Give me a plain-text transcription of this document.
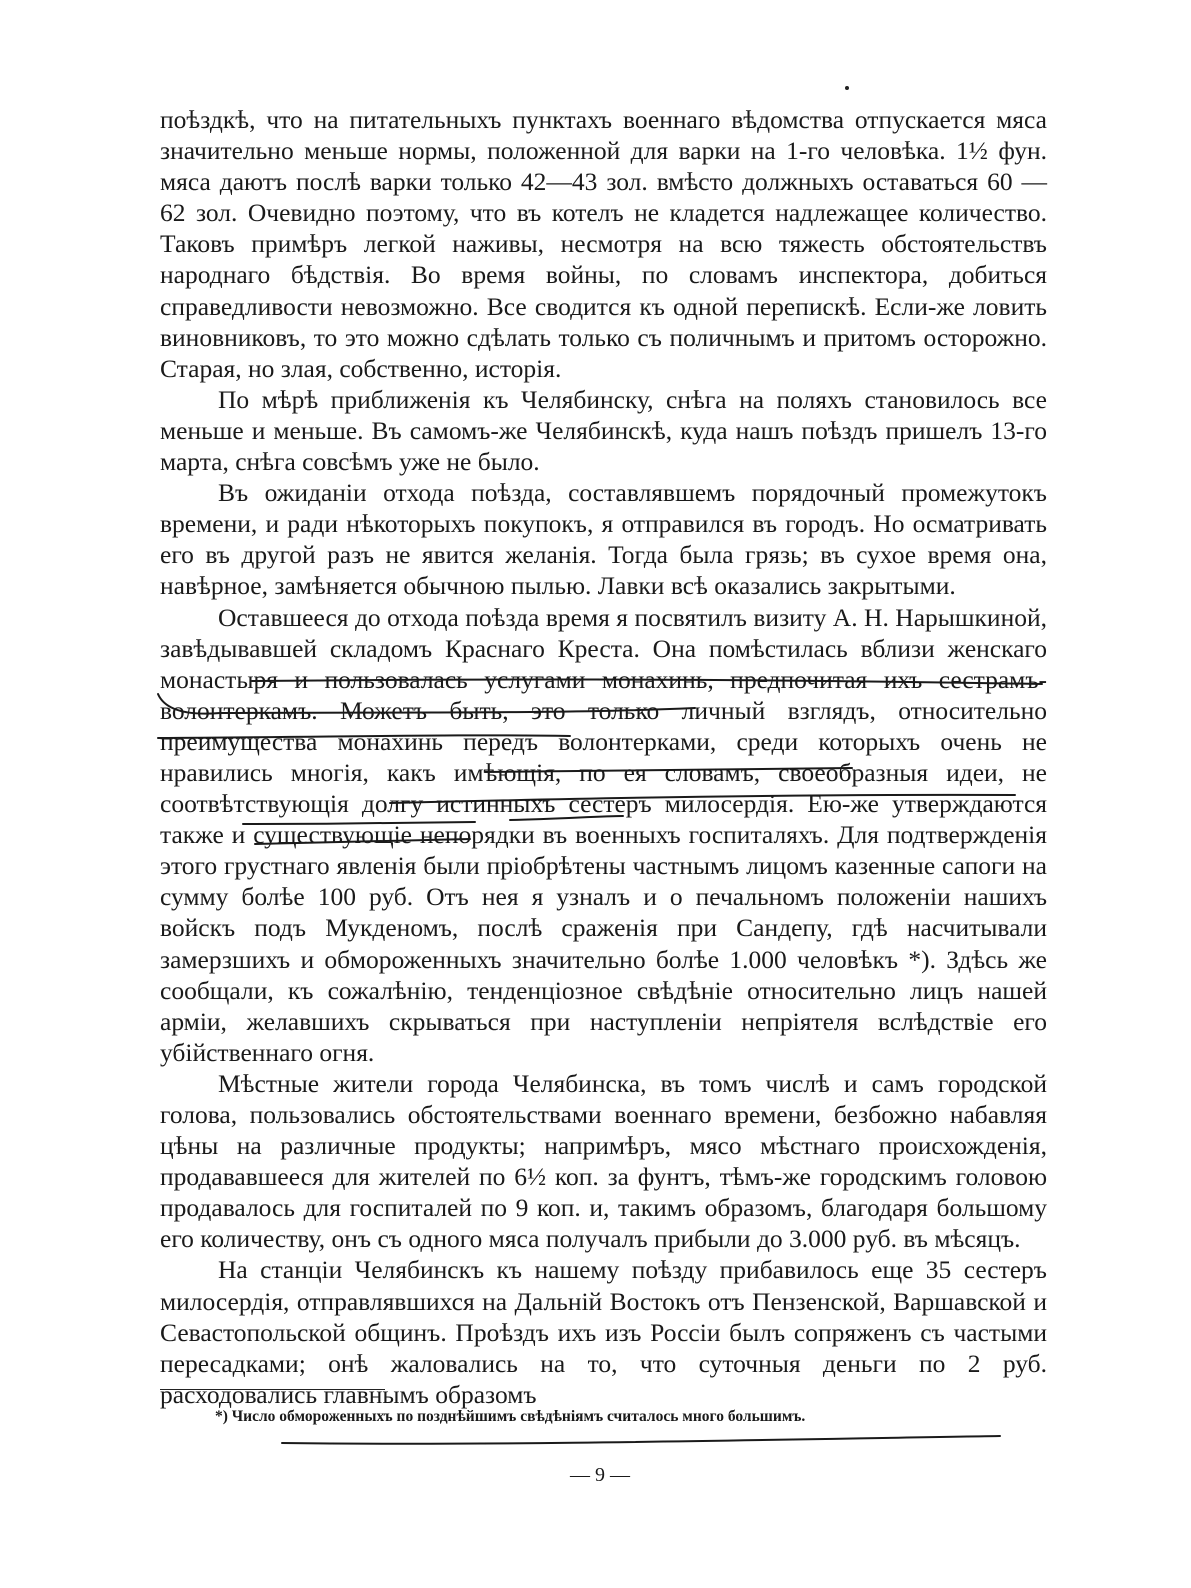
поѣздкѣ, что на питательныхъ пунктахъ военнаго вѣдомства отпускается мяса значительно меньше нормы, положенной для варки на 1-го человѣка. 1½ фун. мяса даютъ послѣ варки только 42—43 зол. вмѣсто должныхъ оставаться 60 — 62 зол. Очевидно поэтому, что въ котелъ не кладется надлежащее количество. Таковъ примѣръ легкой наживы, несмотря на всю тяжесть обстоятельствъ народнаго бѣдствія. Во время войны, по словамъ инспектора, добиться справедливости невозможно. Все сводится къ одной перепискѣ. Если-же ловить виновниковъ, то это можно сдѣлать только съ поличнымъ и притомъ осторожно. Старая, но злая, собственно, исторія.

По мѣрѣ приближенія къ Челябинску, снѣга на поляхъ становилось все меньше и меньше. Въ самомъ-же Челябинскѣ, куда нашъ поѣздъ пришелъ 13-го марта, снѣга совсѣмъ уже не было.

Въ ожиданіи отхода поѣзда, составлявшемъ порядочный промежутокъ времени, и ради нѣкоторыхъ покупокъ, я отправился въ городъ. Но осматривать его въ другой разъ не явится желанія. Тогда была грязь; въ сухое время она, навѣрное, замѣняется обычною пылью. Лавки всѣ оказались закрытыми.

Оставшееся до отхода поѣзда время я посвятилъ визиту А. Н. Нарышкиной, завѣдывавшей складомъ Краснаго Креста. Она помѣстилась вблизи женскаго монастыря и пользовалась услугами монахинь, предпочитая ихъ сестрамъ-волонтеркамъ. Можетъ быть, это только личный взглядъ, относительно преимущества монахинь передъ волонтерками, среди которыхъ очень не нравились многія, какъ имѣющія, по ея словамъ, своеобразныя идеи, не соотвѣтствующія долгу истинныхъ сестеръ милосердія. Ею-же утверждаются также и существующіе непорядки въ военныхъ госпиталяхъ. Для подтвержденія этого грустнаго явленія были пріобрѣтены частнымъ лицомъ казенные сапоги на сумму болѣе 100 руб. Отъ нея я узналъ и о печальномъ положеніи нашихъ войскъ подъ Мукденомъ, послѣ сраженія при Сандепу, гдѣ насчитывали замерзшихъ и обмороженныхъ значительно болѣе 1.000 человѣкъ *). Здѣсь же сообщали, къ сожалѣнію, тенденціозное свѣдѣніе относительно лицъ нашей арміи, желавшихъ скрываться при наступленіи непріятеля вслѣдствіе его убійственнаго огня.

Мѣстные жители города Челябинска, въ томъ числѣ и самъ городской голова, пользовались обстоятельствами военнаго времени, безбожно набавляя цѣны на различные продукты; напримѣръ, мясо мѣстнаго происхожденія, продававшееся для жителей по 6½ коп. за фунтъ, тѣмъ-же городскимъ головою продавалось для госпиталей по 9 коп. и, такимъ образомъ, благодаря большому его количеству, онъ съ одного мяса получалъ прибыли до 3.000 руб. въ мѣсяцъ.

На станціи Челябинскъ къ нашему поѣзду прибавилось еще 35 сестеръ милосердія, отправлявшихся на Дальній Востокъ отъ Пензенской, Варшавской и Севастопольской общинъ. Проѣздъ ихъ изъ Россіи былъ сопряженъ съ частыми пересадками; онѣ жаловались на то, что суточныя деньги по 2 руб. расходовались главнымъ образомъ

*) Число обмороженныхъ по позднѣйшимъ свѣдѣніямъ считалось много большимъ.
— 9 —
